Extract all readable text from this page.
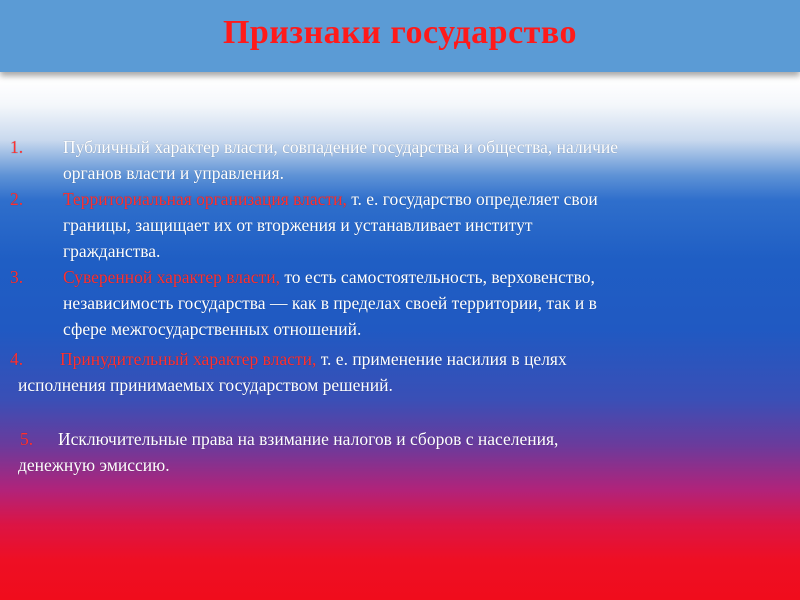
Признаки государство
1. Публичный характер власти, совпадение государства и общества, наличие
органов власти и управления.
2. Территориальная организация власти, т. е. государство определяет свои
границы, защищает их от вторжения и устанавливает институт
гражданства.
3. Суверенной характер власти, то есть самостоятельность, верховенство,
независимость государства — как в пределах своей территории, так и в
сфере межгосударственных отношений.
4. Принудительный характер власти, т. е. применение насилия в целях
исполнения принимаемых государством решений.
5. Исключительные права на взимание налогов и сборов с населения,
денежную эмиссию.
